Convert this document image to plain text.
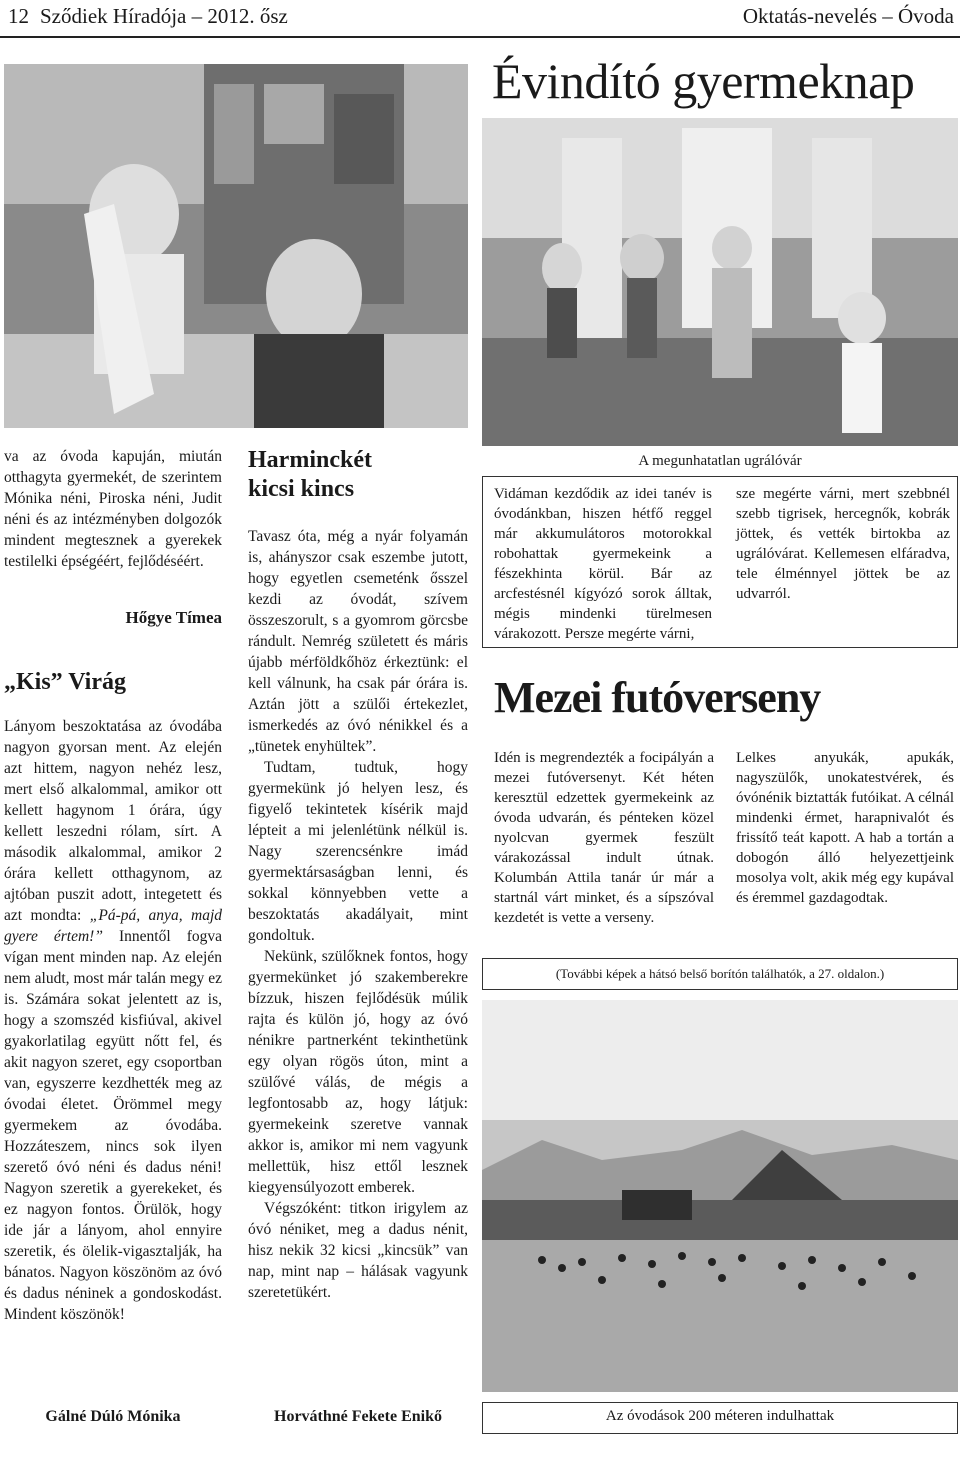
12 Sződiek Híradója – 2012. ősz	Oktatás-nevelés – Óvoda
Évindító gyermeknap

va az óvoda kapuján, miután otthagyta gyermekét, de szerintem Mónika néni, Piroska néni, Judit néni és az intézményben dolgozók mindent megtesznek a gyerekek testilelki épségéért, fejlődéséért.

Hőgye Tímea
„Kis” Virág

Lányom beszoktatása az óvodába nagyon gyorsan ment. Az elején azt hittem, nagyon nehéz lesz, mert első alkalommal, amikor ott kellett hagynom 1 órára, úgy kellett leszedni rólam, sírt. A második alkalommal, amikor 2 órára kellett otthagynom, az ajtóban puszit adott, integetett és azt mondta: „Pá-pá, anya, majd gyere értem!” Innentől fogva vígan ment minden nap. Az elején nem aludt, most már talán megy ez is. Számára sokat jelentett az is, hogy a szomszéd kisfiúval, akivel gyakorlatilag együtt nőtt fel, és akit nagyon szeret, egy csoportban van, egyszerre kezdhették meg az óvodai életet. Örömmel megy gyermekem az óvodába. Hozzáteszem, nincs sok ilyen szerető óvó néni és dadus néni! Nagyon szeretik a gyerekeket, és ez nagyon fontos. Örülök, hogy ide jár a lányom, ahol ennyire szeretik, és ölelik-vigasztalják, ha bánatos. Nagyon köszönöm az óvó és dadus néninek a gondoskodást. Mindent köszönök!

Gálné Dúló Mónika
Harminckét
kicsi kincs

Tavasz óta, még a nyár folyamán is, ahányszor csak eszembe jutott, hogy egyetlen csemeténk ősszel kezdi az óvodát, szívem összeszorult, s a gyomrom görcsbe rándult. Nemrég született és máris újabb mérföldkőhöz érkeztünk: el kell válnunk, ha csak pár órára is. Aztán jött a szülői értekezlet, ismerkedés az óvó nénikkel és a „tünetek enyhültek”.

Tudtam, tudtuk, hogy gyermekünk jó helyen lesz, és figyelő tekintetek kísérik majd lépteit a mi jelenlétünk nélkül is. Nagy szerencsénkre imád gyermektársaságban lenni, és sokkal könnyebben vette a beszoktatás akadályait, mint gondoltuk.

Nekünk, szülőknek fontos, hogy gyermekünket jó szakemberekre bízzuk, hiszen fejlődésük múlik rajta és külön jó, hogy az óvó nénikre partnerként tekinthetünk egy olyan rögös úton, mint a szülővé válás, de mégis a legfontosabb az, hogy látjuk: gyermekeink szeretve vannak akkor is, amikor mi nem vagyunk mellettük, hisz ettől lesznek kiegyensúlyozott emberek.

Végszóként: titkon irigylem az óvó néniket, meg a dadus nénit, hisz nekik 32 kicsi „kincsük” van nap, mint nap – hálásak vagyunk szeretetükért.

Horváthné Fekete Enikő
A megunhatatlan ugrálóvár
Vidáman kezdődik az idei tanév is óvodánkban, hiszen hétfő reggel már akkumulátoros motorokkal robohattak gyermekeink a fészekhinta körül. Bár az arcfestésnél kígyózó sorok álltak, mégis mindenki türelmesen várakozott. Persze megérte várni,
sze megérte várni, mert szebbnél szebb tigrisek, hercegnők, kobrák jöttek, és vették birtokba az ugrálóvárat. Kellemesen elfáradva, tele élménnyel jöttek be az udvarról.
Mezei futóverseny
Idén is megrendezték a focipályán a mezei futóversenyt. Két héten keresztül edzettek gyermekeink az óvoda udvarán, és pénteken közel nyolcvan gyermek feszült várakozással indult útnak. Kolumbán Attila tanár úr már a startnál várt minket, és a sípszóval kezdetét is vette a verseny.
Lelkes anyukák, apukák, nagyszülők, unokatestvérek, és óvónénik biztatták futóikat. A célnál mindenki érmet, harapnivalót és frissítő teát kapott. A hab a tortán a dobogón álló helyezettjeink mosolya volt, akik még egy kupával és éremmel gazdagodtak.
(További képek a hátsó belső borítón találhatók, a 27. oldalon.)
Az óvodások 200 méteren indulhattak
